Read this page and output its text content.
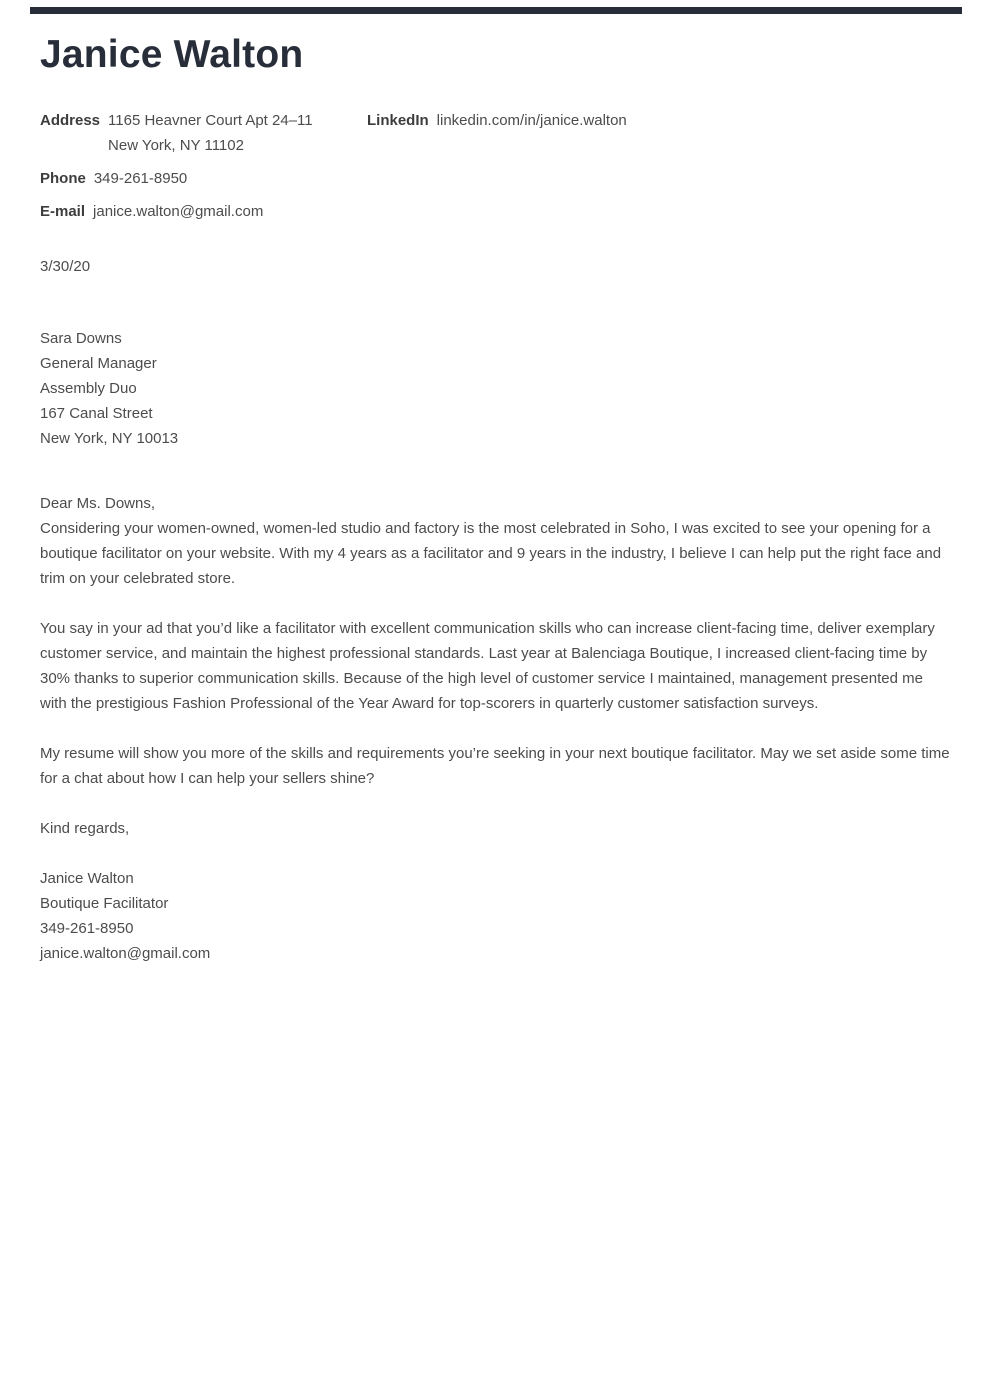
Janice Walton
Address 1165 Heavner Court Apt 24–11
New York, NY 11102
LinkedIn linkedin.com/in/janice.walton
Phone 349-261-8950
E-mail janice.walton@gmail.com
3/30/20
Sara Downs
General Manager
Assembly Duo
167 Canal Street
New York, NY 10013

Dear Ms. Downs,
Considering your women-owned, women-led studio and factory is the most celebrated in Soho, I was excited to see your opening for a boutique facilitator on your website. With my 4 years as a facilitator and 9 years in the industry, I believe I can help put the right face and trim on your celebrated store.

You say in your ad that you’d like a facilitator with excellent communication skills who can increase client-facing time, deliver exemplary customer service, and maintain the highest professional standards. Last year at Balenciaga Boutique, I increased client-facing time by 30% thanks to superior communication skills. Because of the high level of customer service I maintained, management presented me with the prestigious Fashion Professional of the Year Award for top-scorers in quarterly customer satisfaction surveys.

My resume will show you more of the skills and requirements you’re seeking in your next boutique facilitator. May we set aside some time for a chat about how I can help your sellers shine?

Kind regards,

Janice Walton
Boutique Facilitator
349-261-8950
janice.walton@gmail.com
